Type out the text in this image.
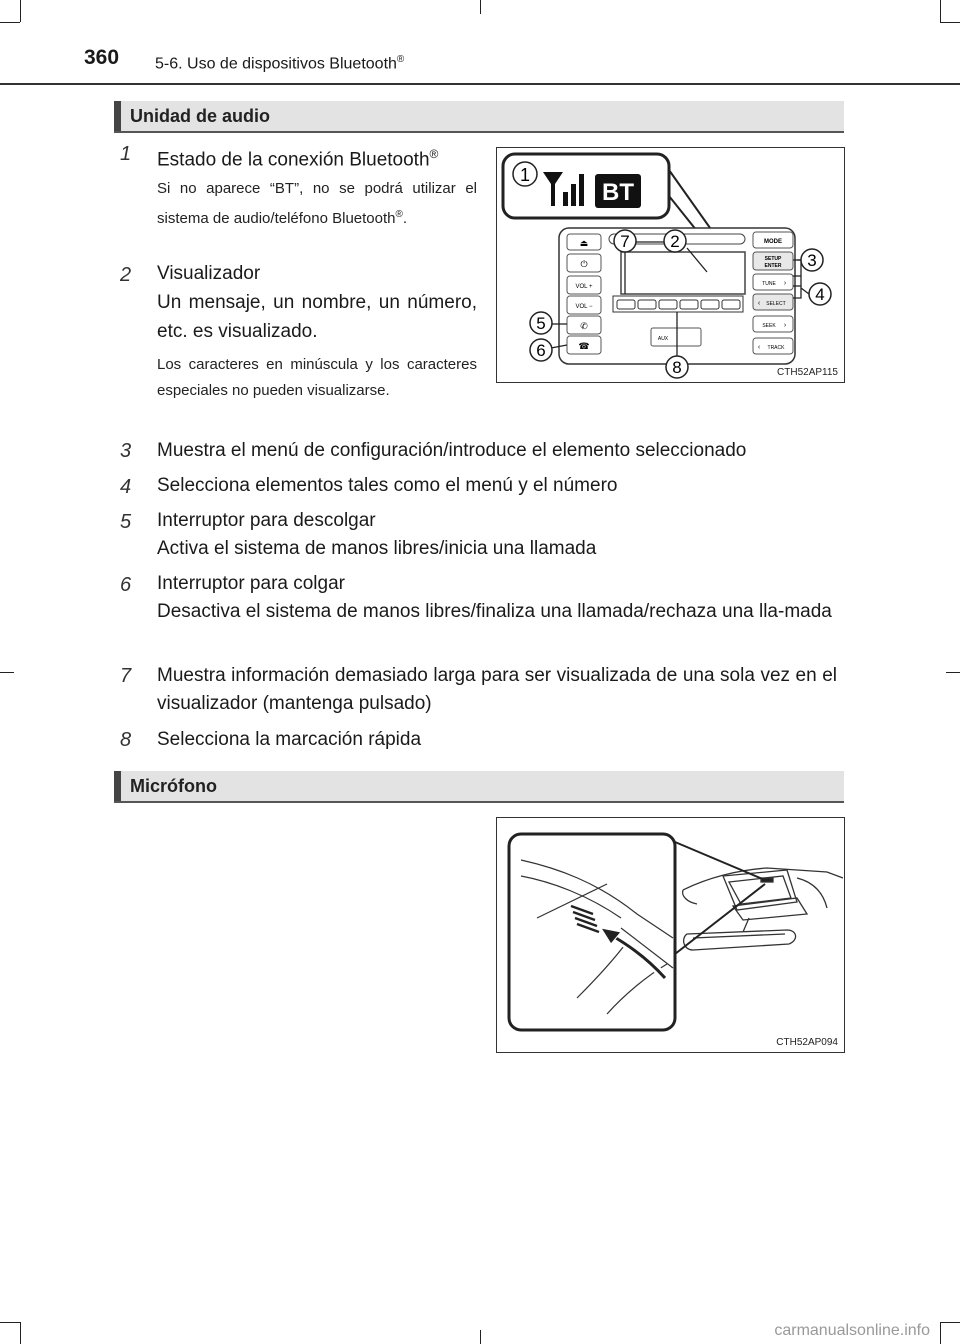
360 5-6. Uso de dispositivos Bluetooth®
Unidad de audio
1 Estado de la conexión Bluetooth®
Si no aparece “BT”, no se podrá utilizar el sistema de audio/teléfono Bluetooth®.
2 Visualizador
Un mensaje, un nombre, un número, etc. es visualizado.
Los caracteres en minúscula y los caracteres especiales no pueden visualizarse.
3 Muestra el menú de configuración/introduce el elemento seleccionado
4 Selecciona elementos tales como el menú y el número
5 Interruptor para descolgar
Activa el sistema de manos libres/inicia una llamada
6 Interruptor para colgar
Desactiva el sistema de manos libres/finaliza una llamada/rechaza una lla-mada
7 Muestra información demasiado larga para ser visualizada de una sola vez en el visualizador (mantenga pulsado)
8 Selecciona la marcación rápida
Micrófono
BT
1
⏏
⏻
VOL +
VOL −
✆
☎
AUX
MODE
SETUP
ENTER
TUNE ›
‹ SELECT
SEEK ›
‹ TRACK
7 2
3
4
5
6
8	CTH52AP115
CTH52AP094
carmanualsonline.info
